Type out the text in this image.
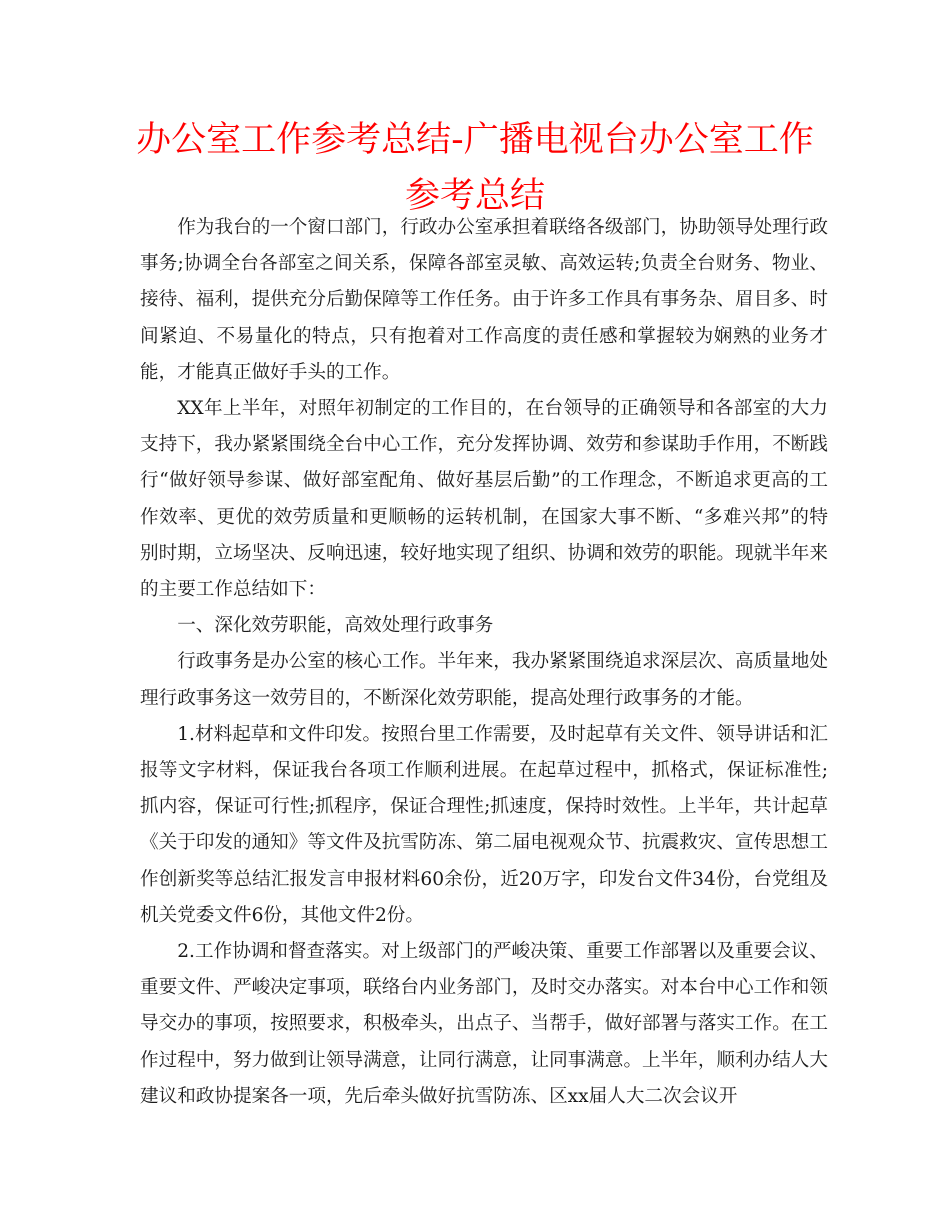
办公室工作参考总结-广播电视台办公室工作参考总结

作为我台的一个窗口部门，行政办公室承担着联络各级部门，协助领导处理行政事务;协调全台各部室之间关系，保障各部室灵敏、高效运转;负责全台财务、物业、接待、福利，提供充分后勤保障等工作任务。由于许多工作具有事务杂、眉目多、时间紧迫、不易量化的特点，只有抱着对工作高度的责任感和掌握较为娴熟的业务才能，才能真正做好手头的工作。

XX年上半年，对照年初制定的工作目的，在台领导的正确领导和各部室的大力支持下，我办紧紧围绕全台中心工作，充分发挥协调、效劳和参谋助手作用，不断践行“做好领导参谋、做好部室配角、做好基层后勤”的工作理念，不断追求更高的工作效率、更优的效劳质量和更顺畅的运转机制，在国家大事不断、“多难兴邦”的特别时期，立场坚决、反响迅速，较好地实现了组织、协调和效劳的职能。现就半年来的主要工作总结如下：

一、深化效劳职能，高效处理行政事务

行政事务是办公室的核心工作。半年来，我办紧紧围绕追求深层次、高质量地处理行政事务这一效劳目的，不断深化效劳职能，提高处理行政事务的才能。

1.材料起草和文件印发。按照台里工作需要，及时起草有关文件、领导讲话和汇报等文字材料，保证我台各项工作顺利进展。在起草过程中，抓格式，保证标准性;抓内容，保证可行性;抓程序，保证合理性;抓速度，保持时效性。上半年，共计起草《关于印发的通知》等文件及抗雪防冻、第二届电视观众节、抗震救灾、宣传思想工作创新奖等总结汇报发言申报材料60余份，近20万字，印发台文件34份，台党组及机关党委文件6份，其他文件2份。

2.工作协调和督查落实。对上级部门的严峻决策、重要工作部署以及重要会议、重要文件、严峻决定事项，联络台内业务部门，及时交办落实。对本台中心工作和领导交办的事项，按照要求，积极牵头，出点子、当帮手，做好部署与落实工作。在工作过程中，努力做到让领导满意，让同行满意，让同事满意。上半年，顺利办结人大建议和政协提案各一项，先后牵头做好抗雪防冻、区xx届人大二次会议开
